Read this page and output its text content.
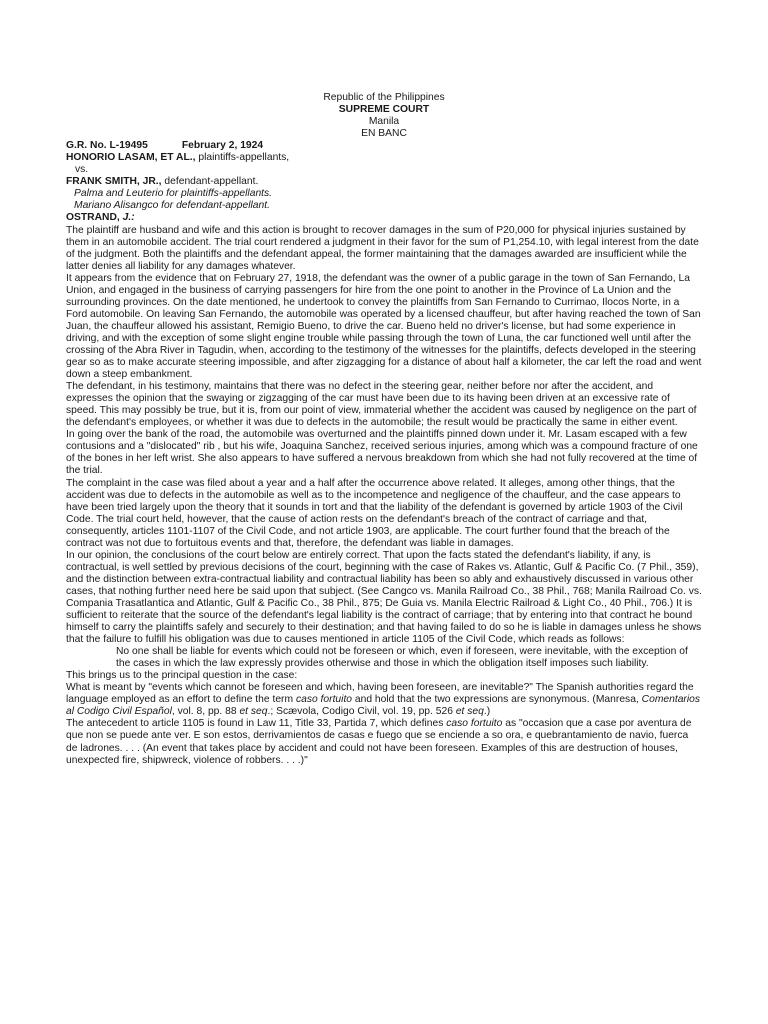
Republic of the Philippines
SUPREME COURT
Manila
EN BANC
G.R. No. L-19495	February 2, 1924
HONORIO LASAM, ET AL., plaintiffs-appellants,
vs.
FRANK SMITH, JR., defendant-appellant.
Palma and Leuterio for plaintiffs-appellants.
Mariano Alisangco for defendant-appellant.
OSTRAND, J.:

The plaintiff are husband and wife and this action is brought to recover damages in the sum of P20,000 for physical injuries sustained by them in an automobile accident. The trial court rendered a judgment in their favor for the sum of P1,254.10, with legal interest from the date of the judgment. Both the plaintiffs and the defendant appeal, the former maintaining that the damages awarded are insufficient while the latter denies all liability for any damages whatever.

It appears from the evidence that on February 27, 1918, the defendant was the owner of a public garage in the town of San Fernando, La Union, and engaged in the business of carrying passengers for hire from the one point to another in the Province of La Union and the surrounding provinces. On the date mentioned, he undertook to convey the plaintiffs from San Fernando to Currimao, Ilocos Norte, in a Ford automobile. On leaving San Fernando, the automobile was operated by a licensed chauffeur, but after having reached the town of San Juan, the chauffeur allowed his assistant, Remigio Bueno, to drive the car. Bueno held no driver's license, but had some experience in driving, and with the exception of some slight engine trouble while passing through the town of Luna, the car functioned well until after the crossing of the Abra River in Tagudin, when, according to the testimony of the witnesses for the plaintiffs, defects developed in the steering gear so as to make accurate steering impossible, and after zigzagging for a distance of about half a kilometer, the car left the road and went down a steep embankment.

The defendant, in his testimony, maintains that there was no defect in the steering gear, neither before nor after the accident, and expresses the opinion that the swaying or zigzagging of the car must have been due to its having been driven at an excessive rate of speed. This may possibly be true, but it is, from our point of view, immaterial whether the accident was caused by negligence on the part of the defendant's employees, or whether it was due to defects in the automobile; the result would be practically the same in either event.

In going over the bank of the road, the automobile was overturned and the plaintiffs pinned down under it. Mr. Lasam escaped with a few contusions and a "dislocated" rib , but his wife, Joaquina Sanchez, received serious injuries, among which was a compound fracture of one of the bones in her left wrist. She also appears to have suffered a nervous breakdown from which she had not fully recovered at the time of the trial.

The complaint in the case was filed about a year and a half after the occurrence above related. It alleges, among other things, that the accident was due to defects in the automobile as well as to the incompetence and negligence of the chauffeur, and the case appears to have been tried largely upon the theory that it sounds in tort and that the liability of the defendant is governed by article 1903 of the Civil Code. The trial court held, however, that the cause of action rests on the defendant's breach of the contract of carriage and that, consequently, articles 1101-1107 of the Civil Code, and not article 1903, are applicable. The court further found that the breach of the contract was not due to fortuitous events and that, therefore, the defendant was liable in damages.

In our opinion, the conclusions of the court below are entirely correct. That upon the facts stated the defendant's liability, if any, is contractual, is well settled by previous decisions of the court, beginning with the case of Rakes vs. Atlantic, Gulf & Pacific Co. (7 Phil., 359), and the distinction between extra-contractual liability and contractual liability has been so ably and exhaustively discussed in various other cases, that nothing further need here be said upon that subject. (See Cangco vs. Manila Railroad Co., 38 Phil., 768; Manila Railroad Co. vs. Compania Trasatlantica and Atlantic, Gulf & Pacific Co., 38 Phil., 875; De Guia vs. Manila Electric Railroad & Light Co., 40 Phil., 706.) It is sufficient to reiterate that the source of the defendant's legal liability is the contract of carriage; that by entering into that contract he bound himself to carry the plaintiffs safely and securely to their destination; and that having failed to do so he is liable in damages unless he shows that the failure to fulfill his obligation was due to causes mentioned in article 1105 of the Civil Code, which reads as follows:

No one shall be liable for events which could not be foreseen or which, even if foreseen, were inevitable, with the exception of the cases in which the law expressly provides otherwise and those in which the obligation itself imposes such liability.

This brings us to the principal question in the case:

What is meant by "events which cannot be foreseen and which, having been foreseen, are inevitable?" The Spanish authorities regard the language employed as an effort to define the term caso fortuito and hold that the two expressions are synonymous. (Manresa, Comentarios al Codigo Civil Español, vol. 8, pp. 88 et seq.; Scævola, Codigo Civil, vol. 19, pp. 526 et seq.)

The antecedent to article 1105 is found in Law 11, Title 33, Partida 7, which defines caso fortuito as "occasion que a case por aventura de que non se puede ante ver. E son estos, derrivamientos de casas e fuego que se enciende a so ora, e quebrantamiento de navio, fuerca de ladrones. . . . (An event that takes place by accident and could not have been foreseen. Examples of this are destruction of houses, unexpected fire, shipwreck, violence of robbers. . . .)"
